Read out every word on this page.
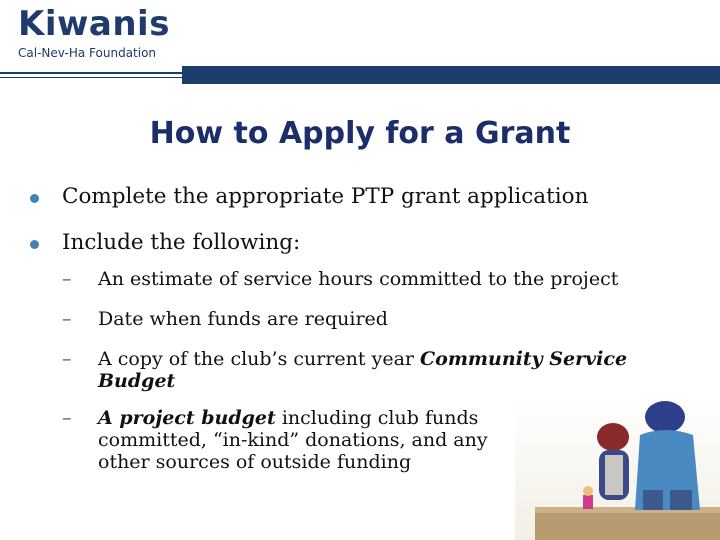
Kiwanis
Cal-Nev-Ha Foundation
How to Apply for a Grant
Complete the appropriate PTP grant application
Include the following:
– An estimate of service hours committed to the project
– Date when funds are required
– A copy of the club’s current year Community Service Budget
– A project budget including club funds committed, “in-kind” donations, and any other sources of outside funding
